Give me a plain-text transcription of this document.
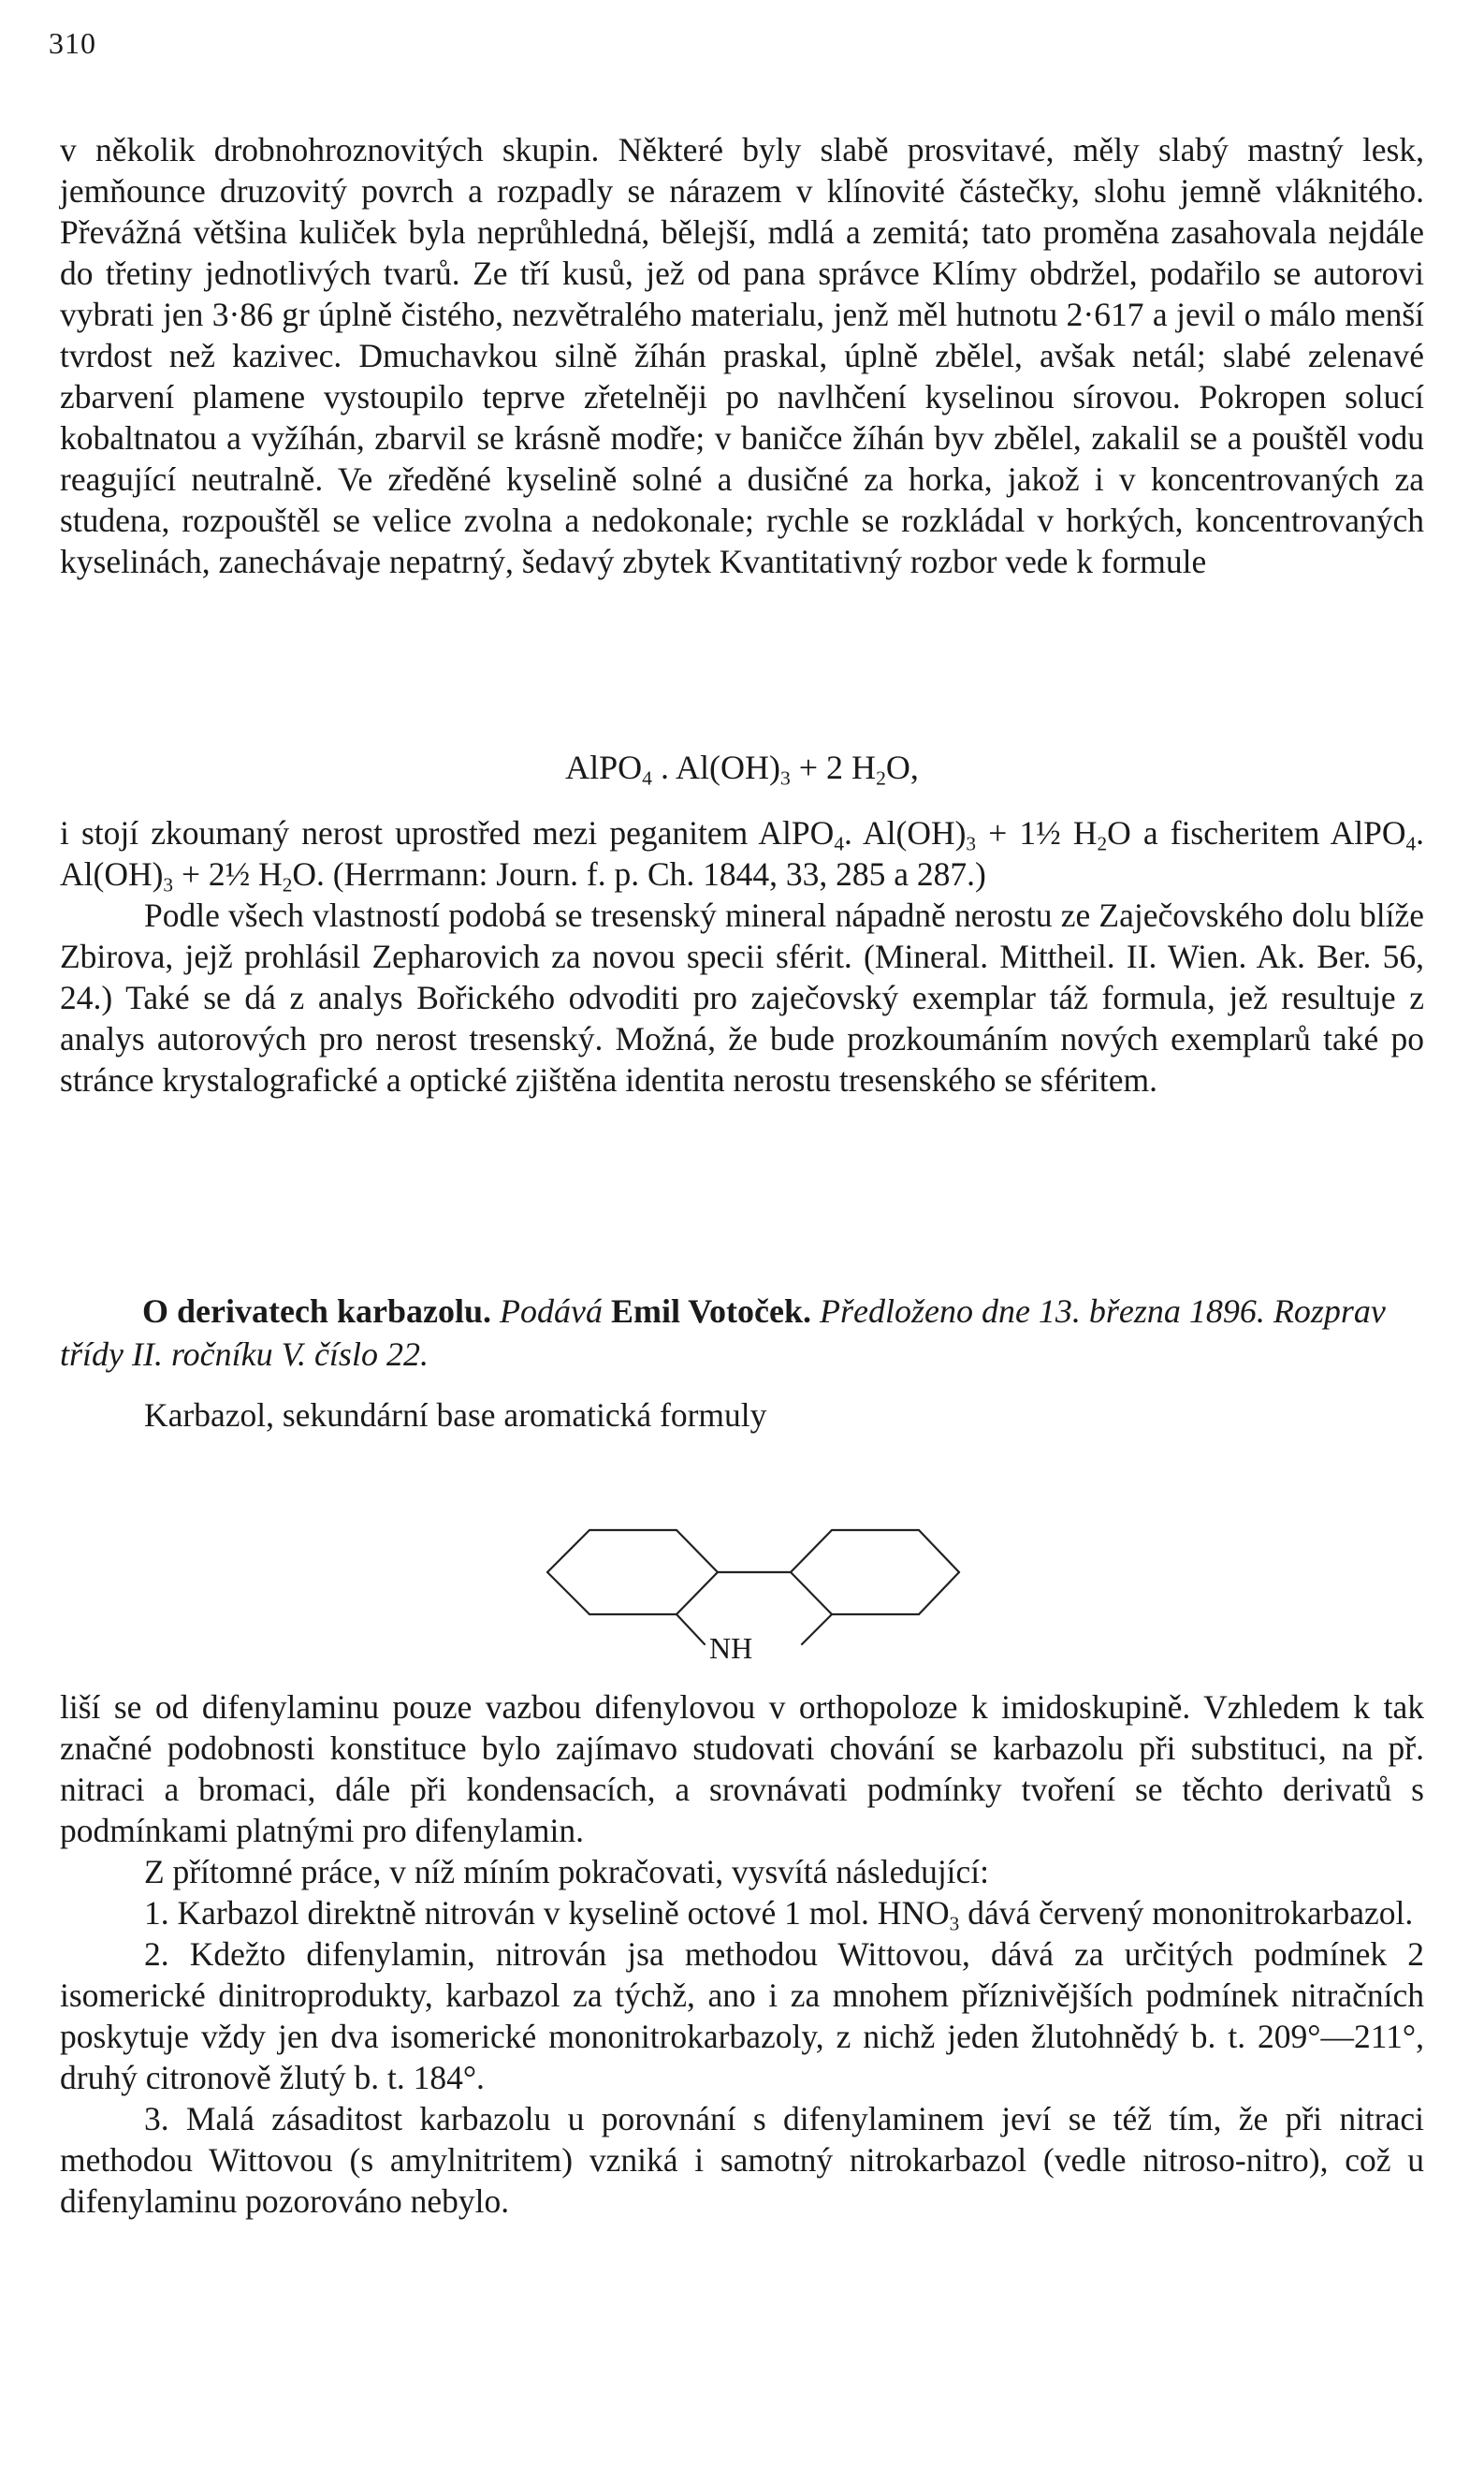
310

v několik drobnohroznovitých skupin. Některé byly slabě prosvitavé, měly slabý mastný lesk, jemňounce druzovitý povrch a rozpadly se nárazem v klínovité částečky, slohu jemně vláknitého. Převážná většina kuliček byla neprůhledná, bělejší, mdlá a zemitá; tato proměna zasahovala nejdále do třetiny jednotlivých tvarů. Ze tří kusů, jež od pana správce Klímy obdržel, podařilo se autorovi vybrati jen 3·86 gr úplně čistého, nezvětralého materialu, jenž měl hutnotu 2·617 a jevil o málo menší tvrdost než kazivec. Dmuchavkou silně žíhán praskal, úplně zbělel, avšak netál; slabé zelenavé zbarvení plamene vystoupilo teprve zřetelněji po navlhčení kyselinou sírovou. Pokropen solucí kobaltnatou a vyžíhán, zbarvil se krásně modře; v baničce žíhán byv zbělel, zakalil se a pouštěl vodu reagující neutralně. Ve zředěné kyselině solné a dusičné za horka, jakož i v koncentrovaných za studena, rozpouštěl se velice zvolna a nedokonale; rychle se rozkládal v horkých, koncentrovaných kyselinách, zanechávaje nepatrný, šedavý zbytek Kvantitativný rozbor vede k formule

AlPO$_4$ . $Al(OH)_3 + 2$ $H_2O$,

i stojí zkoumaný nerost uprostřed mezi peganitem AlPO$_4$. $Al(OH)_3$ + 1½ $H_2O$ a fischeritem AlPO$_4$. $Al(OH)_3$ + 2½ $H_2O$. (Herrmann: Journ. f. p. Ch. 1844, 33, 285 a 287.)

Podle všech vlastností podobá se tresenský mineral nápadně nerostu ze Zaječovského dolu blíže Zbirova, jejž prohlásil Zepharovich za novou specii sférit. (Mineral. Mittheil. II. Wien. Ak. Ber. 56, 24.) Také se dá z analys Bořického odvoditi pro zaječovský exemplar táž formula, jež resultuje z analys autorových pro nerost tresenský. Možná, že bude prozkoumáním nových exemplarů také po stránce krystalografické a optické zjištěna identita nerostu tresenského se sféritem.

O derivatech karbazolu. Podává Emil Votoček. Předloženo dne 13. března 1896. Rozprav třídy II. ročníku V. číslo 22.

Karbazol, sekundární base aromatická formuly

NH

liší se od difenylaminu pouze vazbou difenylovou v orthopoloze k imidoskupině. Vzhledem k tak značné podobnosti konstituce bylo zajímavo studovati chování se karbazolu při substituci, na př. nitraci a bromaci, dále při kondensacích, a srovnávati podmínky tvoření se těchto derivatů s podmínkami platnými pro difenylamin.

Z přítomné práce, v níž míním pokračovati, vysvítá následující:

1. Karbazol direktně nitrován v kyselině octové 1 mol. $HNO_3$ dává červený mononitrokarbazol.

2. Kdežto difenylamin, nitrován jsa methodou Wittovou, dává za určitých podmínek 2 isomerické dinitroprodukty, karbazol za týchž, ano i za mnohem příznivějších podmínek nitračních poskytuje vždy jen dva isomerické mononitrokarbazoly, z nichž jeden žlutohnědý b. t. 209°—211°, druhý citronově žlutý b. t. 184°.

3. Malá zásaditost karbazolu u porovnání s difenylaminem jeví se též tím, že při nitraci methodou Wittovou (s amylnitritem) vzniká i samotný nitrokarbazol (vedle nitroso-nitro), což u difenylaminu pozorováno nebylo.
